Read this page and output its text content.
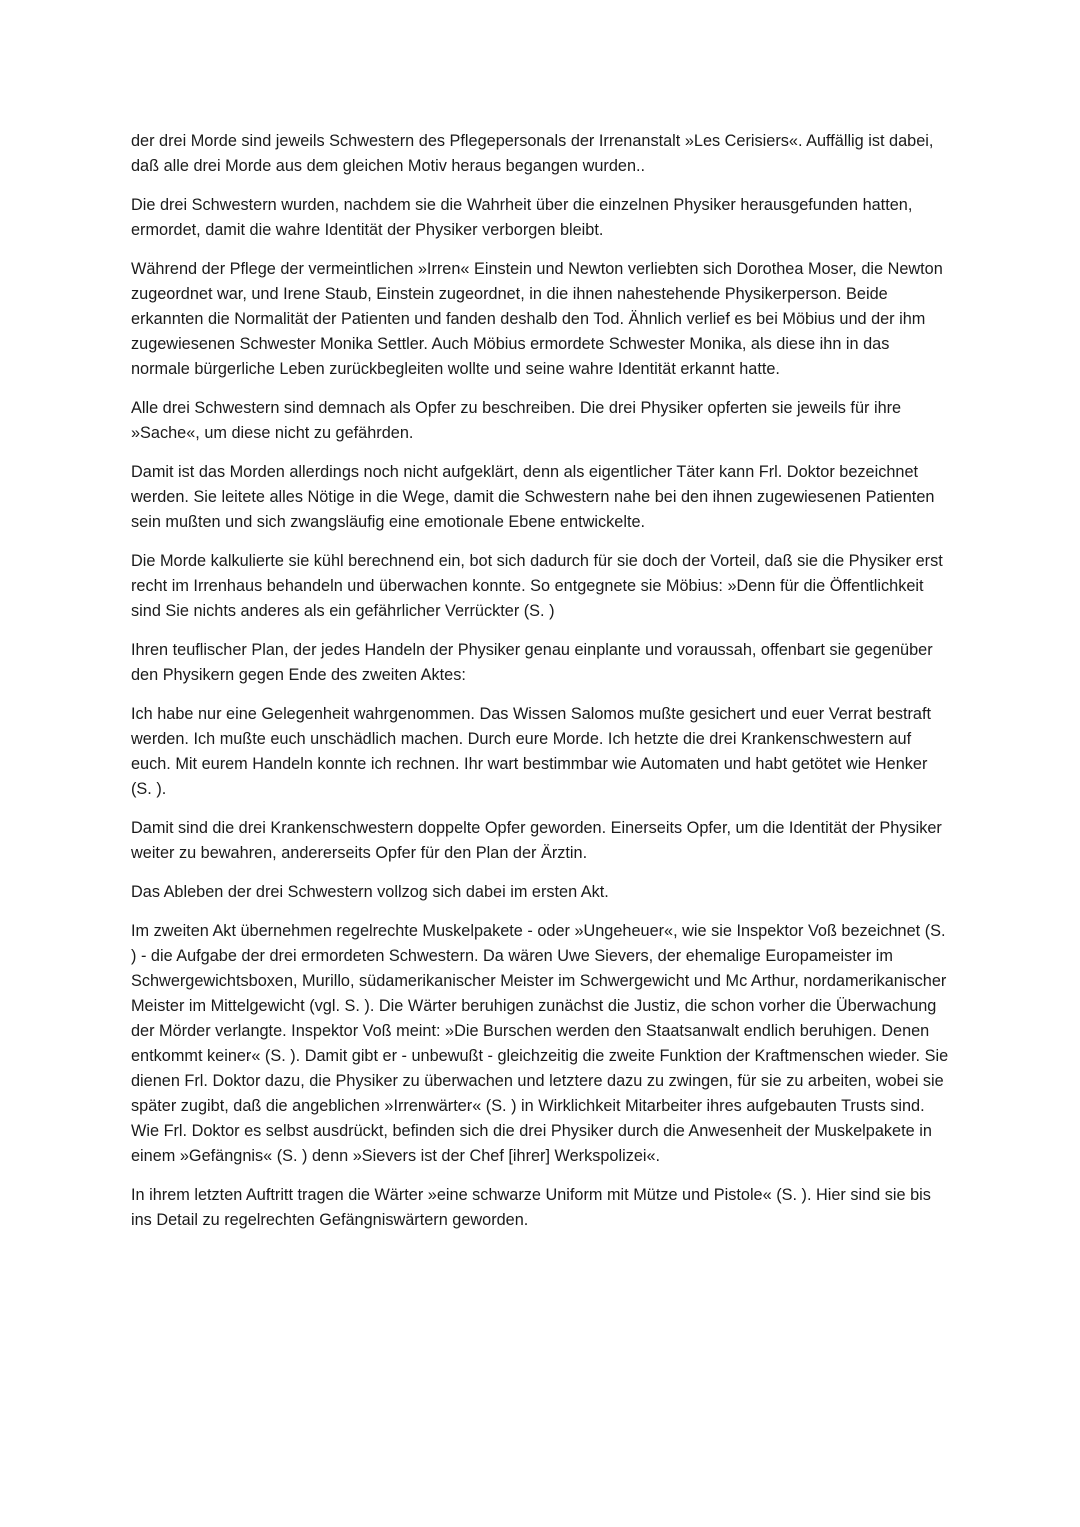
der drei Morde sind jeweils Schwestern des Pflegepersonals der Irrenanstalt »Les Cerisiers«. Auffällig ist dabei, daß alle drei Morde aus dem gleichen Motiv heraus begangen wurden..

Die drei Schwestern wurden, nachdem sie die Wahrheit über die einzelnen Physiker herausgefunden hatten, ermordet, damit die wahre Identität der Physiker verborgen bleibt.

Während der Pflege der vermeintlichen »Irren« Einstein und Newton verliebten sich Dorothea Moser, die Newton zugeordnet war, und Irene Staub, Einstein zugeordnet, in die ihnen nahestehende Physikerperson. Beide erkannten die Normalität der Patienten und fanden deshalb den Tod. Ähnlich verlief es bei Möbius und der ihm zugewiesenen Schwester Monika Settler. Auch Möbius ermordete Schwester Monika, als diese ihn in das normale bürgerliche Leben zurückbegleiten wollte und seine wahre Identität erkannt hatte.

Alle drei Schwestern sind demnach als Opfer zu beschreiben. Die drei Physiker opferten sie jeweils für ihre »Sache«, um diese nicht zu gefährden.

Damit ist das Morden allerdings noch nicht aufgeklärt, denn als eigentlicher Täter kann Frl. Doktor bezeichnet werden. Sie leitete alles Nötige in die Wege, damit die Schwestern nahe bei den ihnen zugewiesenen Patienten sein mußten und sich zwangsläufig eine emotionale Ebene entwickelte.

Die Morde kalkulierte sie kühl berechnend ein, bot sich dadurch für sie doch der Vorteil, daß sie die Physiker erst recht im Irrenhaus behandeln und überwachen konnte. So entgegnete sie Möbius: »Denn für die Öffentlichkeit sind Sie nichts anderes als ein gefährlicher Verrückter (S. )

Ihren teuflischer Plan, der jedes Handeln der Physiker genau einplante und voraussah, offenbart sie gegenüber den Physikern gegen Ende des zweiten Aktes:

Ich habe nur eine Gelegenheit wahrgenommen. Das Wissen Salomos mußte gesichert und euer Verrat bestraft werden. Ich mußte euch unschädlich machen. Durch eure Morde. Ich hetzte die drei Krankenschwestern auf euch. Mit eurem Handeln konnte ich rechnen. Ihr wart bestimmbar wie Automaten und habt getötet wie Henker (S. ).

Damit sind die drei Krankenschwestern doppelte Opfer geworden. Einerseits Opfer, um die Identität der Physiker weiter zu bewahren, andererseits Opfer für den Plan der Ärztin.

Das Ableben der drei Schwestern vollzog sich dabei im ersten Akt.

Im zweiten Akt übernehmen regelrechte Muskelpakete - oder »Ungeheuer«, wie sie Inspektor Voß bezeichnet (S. ) - die Aufgabe der drei ermordeten Schwestern. Da wären Uwe Sievers, der ehemalige Europameister im Schwergewichtsboxen, Murillo, südamerikanischer Meister im Schwergewicht und Mc Arthur, nordamerikanischer Meister im Mittelgewicht (vgl. S. ). Die Wärter beruhigen zunächst die Justiz, die schon vorher die Überwachung der Mörder verlangte. Inspektor Voß meint: »Die Burschen werden den Staatsanwalt endlich beruhigen. Denen entkommt keiner« (S. ). Damit gibt er - unbewußt - gleichzeitig die zweite Funktion der Kraftmenschen wieder. Sie dienen Frl. Doktor dazu, die Physiker zu überwachen und letztere dazu zu zwingen, für sie zu arbeiten, wobei sie später zugibt, daß die angeblichen »Irrenwärter« (S. ) in Wirklichkeit Mitarbeiter ihres aufgebauten Trusts sind. Wie Frl. Doktor es selbst ausdrückt, befinden sich die drei Physiker durch die Anwesenheit der Muskelpakete in einem »Gefängnis« (S. ) denn »Sievers ist der Chef [ihrer] Werkspolizei«.

In ihrem letzten Auftritt tragen die Wärter »eine schwarze Uniform mit Mütze und Pistole« (S. ). Hier sind sie bis ins Detail zu regelrechten Gefängniswärtern geworden.
